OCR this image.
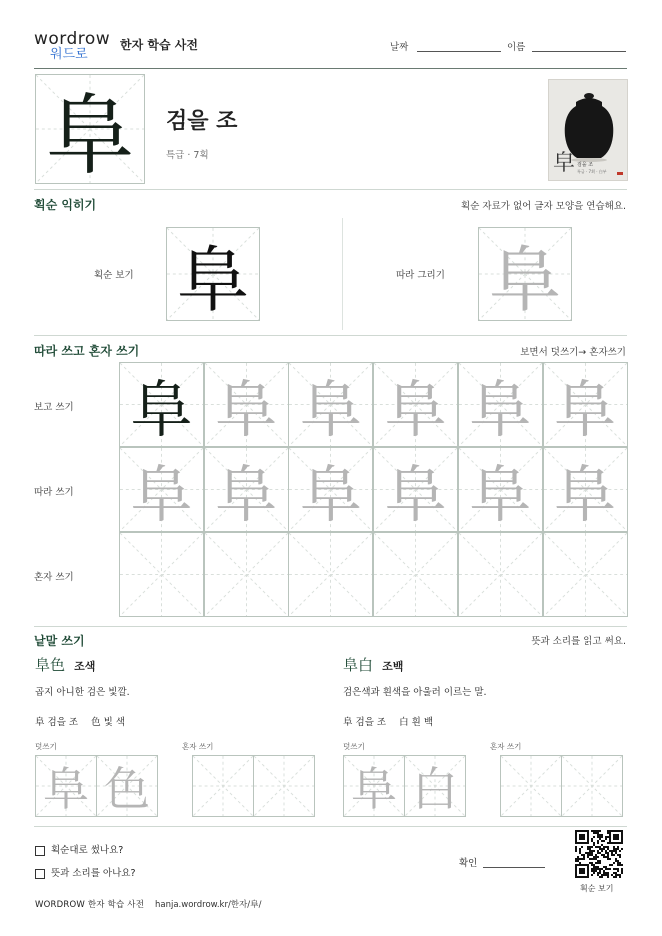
wordrow
워드로
한자 학습 사전	날짜	이름
阜	검을 조
특급 · 7획	皁 검을 조
특급 · 7획 · 白부
획순 익히기	획순 자료가 없어 글자 모양을 연습해요.
획순 보기 阜	따라 그리기 阜
따라 쓰고 혼자 쓰기	보면서 덧쓰기→ 혼자쓰기
보고 쓰기
따라 쓰기
혼자 쓰기
阜 阜 阜 阜 阜 阜
阜 阜 阜 阜 阜 阜
낱말 쓰기	뜻과 소리를 읽고 써요.
阜色 조색
곱지 아니한 검은 빛깔.
阜 검을 조 色 빛 색
덧쓰기	혼자 쓰기
阜白 조백
검은색과 흰색을 아울러 이르는 말.
阜 검을 조 白 흰 백
덧쓰기	혼자 쓰기
阜 色	阜 白
획순대로 썼나요?
뜻과 소리를 아나요?
확인
획순 보기
WORDROW 한자 학습 사전 hanja.wordrow.kr/한자/阜/
